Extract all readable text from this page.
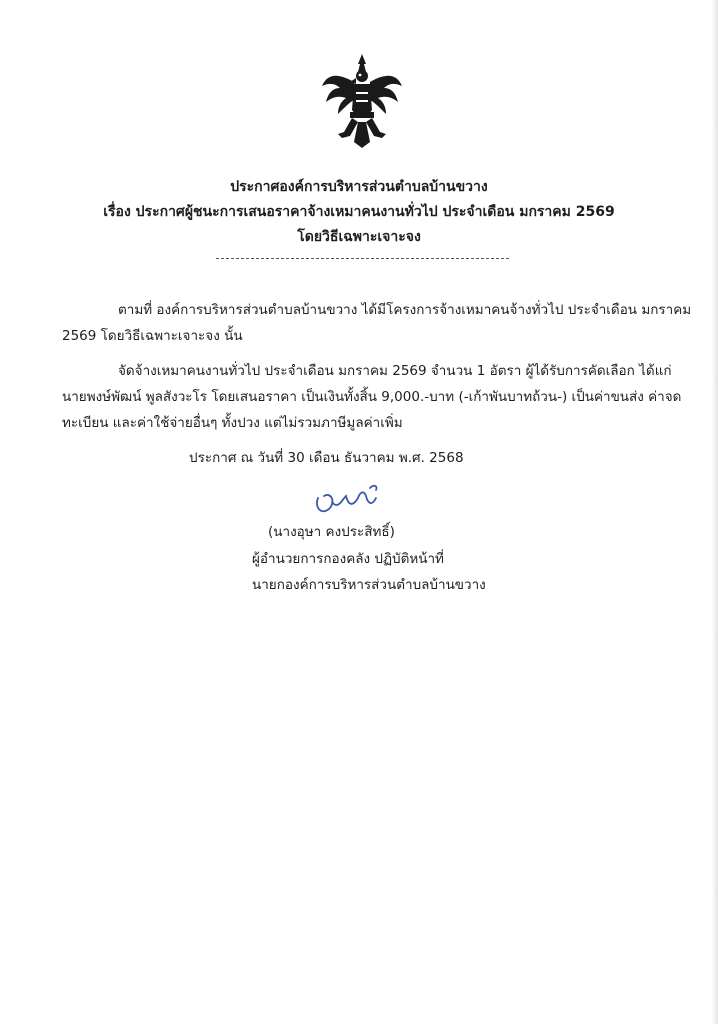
ประกาศองค์การบริหารส่วนตำบลบ้านขวาง
เรื่อง ประกาศผู้ชนะการเสนอราคาจ้างเหมาคนงานทั่วไป ประจำเดือน มกราคม 2569
โดยวิธีเฉพาะเจาะจง
ตามที่ องค์การบริหารส่วนตำบลบ้านขวาง ได้มีโครงการจ้างเหมาคนจ้างทั่วไป ประจำเดือน มกราคม
2569 โดยวิธีเฉพาะเจาะจง นั้น
จัดจ้างเหมาคนงานทั่วไป ประจำเดือน มกราคม 2569 จำนวน 1 อัตรา ผู้ได้รับการคัดเลือก ได้แก่
นายพงษ์พัฒน์ พูลสังวะโร โดยเสนอราคา เป็นเงินทั้งสิ้น 9,000.-บาท (-เก้าพันบาทถ้วน-) เป็นค่าขนส่ง ค่าจด
ทะเบียน และค่าใช้จ่ายอื่นๆ ทั้งปวง แต่ไม่รวมภาษีมูลค่าเพิ่ม
ประกาศ ณ วันที่ 30 เดือน ธันวาคม พ.ศ. 2568
(นางอุษา คงประสิทธิ์)
ผู้อำนวยการกองคลัง ปฏิบัติหน้าที่
นายกองค์การบริหารส่วนตำบลบ้านขวาง
